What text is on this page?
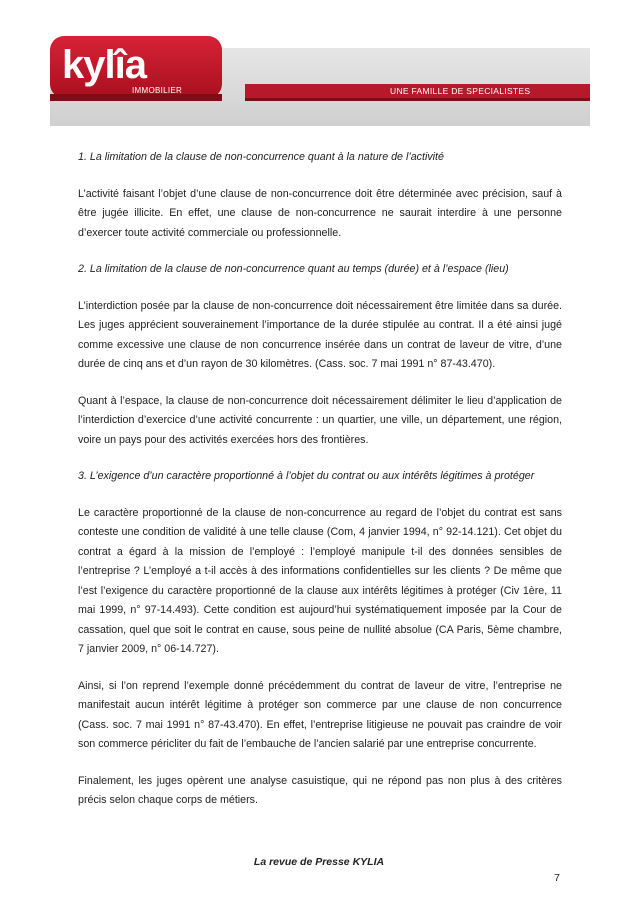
UNE FAMILLE DE SPECIALISTES
kylîa
IMMOBILIER

1. La limitation de la clause de non-concurrence quant à la nature de l’activité

L’activité faisant l’objet d’une clause de non-concurrence doit être déterminée avec précision, sauf à être jugée illicite. En effet, une clause de non-concurrence ne saurait interdire à une personne d’exercer toute activité commerciale ou professionnelle.

2. La limitation de la clause de non-concurrence quant au temps (durée) et à l’espace (lieu)

L’interdiction posée par la clause de non-concurrence doit nécessairement être limitée dans sa durée. Les juges apprécient souverainement l’importance de la durée stipulée au contrat. Il a été ainsi jugé comme excessive une clause de non concurrence insérée dans un contrat de laveur de vitre, d’une durée de cinq ans et d’un rayon de 30 kilomètres. (Cass. soc. 7 mai 1991 n° 87-43.470).

Quant à l’espace, la clause de non-concurrence doit nécessairement délimiter le lieu d’application de l’interdiction d’exercice d’une activité concurrente : un quartier, une ville, un département, une région, voire un pays pour des activités exercées hors des frontières.

3. L’exigence d’un caractère proportionné à l’objet du contrat ou aux intérêts légitimes à protéger

Le caractère proportionné de la clause de non-concurrence au regard de l’objet du contrat est sans conteste une condition de validité à une telle clause (Com, 4 janvier 1994, n° 92-14.121). Cet objet du contrat a égard à la mission de l’employé : l’employé manipule t-il des données sensibles de l’entreprise ? L’employé a t-il accès à des informations confidentielles sur les clients ? De même que l’est l’exigence du caractère proportionné de la clause aux intérêts légitimes à protéger (Civ 1ère, 11 mai 1999, n° 97-14.493). Cette condition est aujourd’hui systématiquement imposée par la Cour de cassation, quel que soit le contrat en cause, sous peine de nullité absolue (CA Paris, 5ème chambre, 7 janvier 2009, n° 06-14.727).

Ainsi, si l’on reprend l’exemple donné précédemment du contrat de laveur de vitre, l’entreprise ne manifestait aucun intérêt légitime à protéger son commerce par une clause de non concurrence (Cass. soc. 7 mai 1991 n° 87-43.470). En effet, l’entreprise litigieuse ne pouvait pas craindre de voir son commerce péricliter du fait de l’embauche de l’ancien salarié par une entreprise concurrente.

Finalement, les juges opèrent une analyse casuistique, qui ne répond pas non plus à des critères précis selon chaque corps de métiers.

La revue de Presse KYLIA
7
